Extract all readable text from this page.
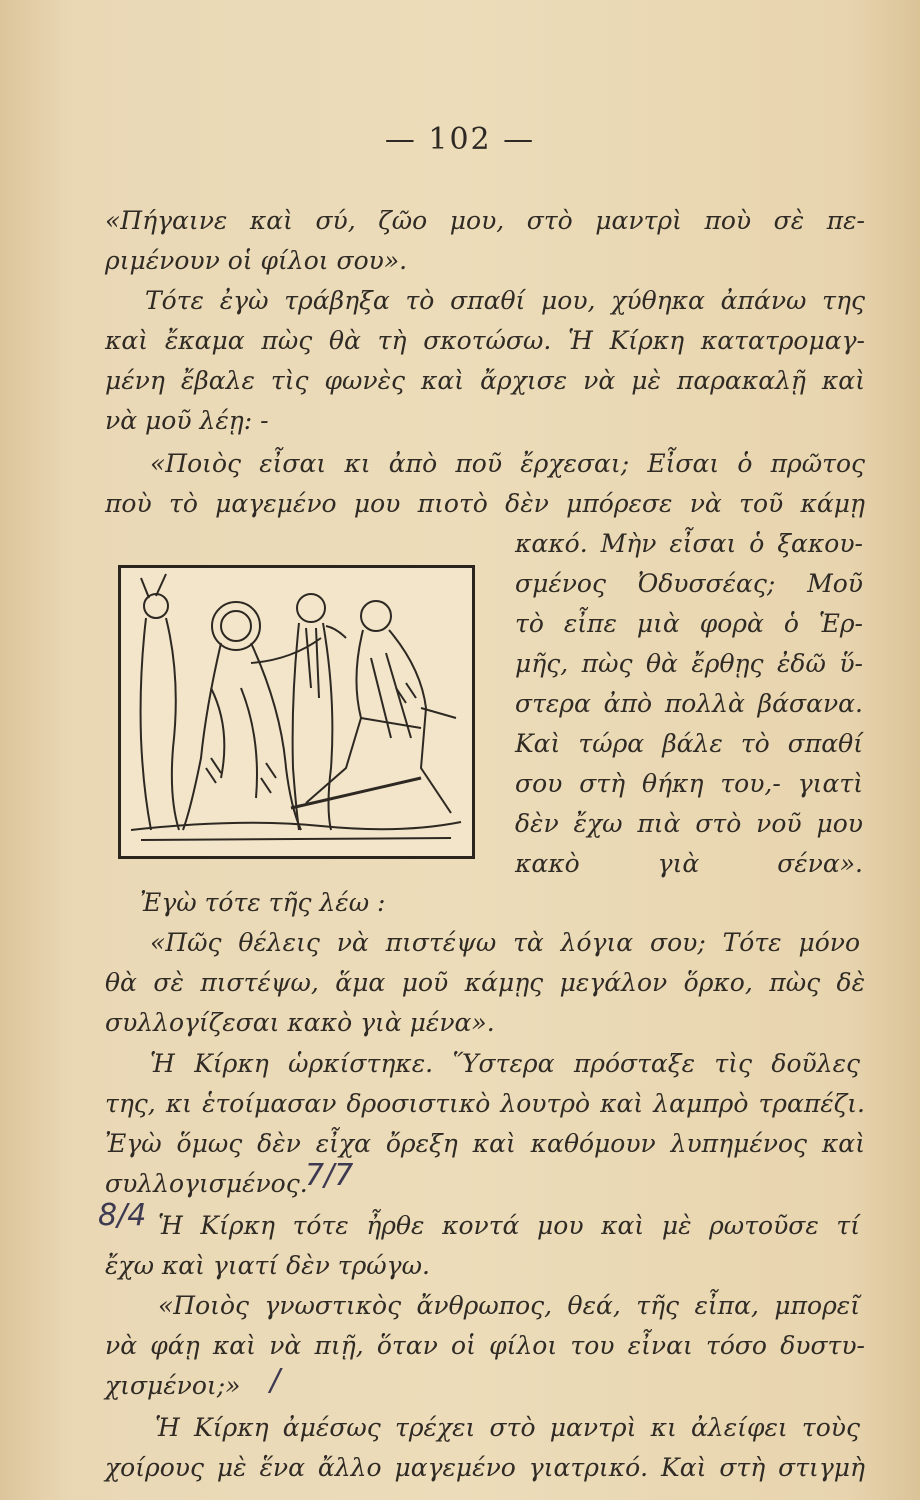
— 102 —

«Πήγαινε καὶ σύ, ζῶο μου, στὸ μαντρὶ ποὺ σὲ πε-

ριμένουν οἱ φίλοι σου».

Τότε ἐγὼ τράβηξα τὸ σπαθί μου, χύθηκα ἀπάνω της

καὶ ἔκαμα πὼς θὰ τὴ σκοτώσω. Ἡ Κίρκη κατατρομαγ-

μένη ἔβαλε τὶς φωνὲς καὶ ἄρχισε νὰ μὲ παρακαλῇ καὶ

νὰ μοῦ λέῃ: -

«Ποιὸς εἶσαι κι ἀπὸ ποῦ ἔρχεσαι; Εἶσαι ὁ πρῶτος

ποὺ τὸ μαγεμένο μου πιοτὸ δὲν μπόρεσε νὰ τοῦ κάμῃ

κακό. Μὴν εἶσαι ὁ ξακου-

σμένος Ὀδυσσέας; Μοῦ

τὸ εἶπε μιὰ φορὰ ὁ Ἑρ-

μῆς, πὼς θὰ ἔρθῃς ἐδῶ ὕ-

στερα ἀπὸ πολλὰ βάσανα.

Καὶ τώρα βάλε τὸ σπαθί

σου στὴ θήκη του,- γιατὶ

δὲν ἔχω πιὰ στὸ νοῦ μου

κακὸ γιὰ σένα».

Ἐγὼ τότε τῆς λέω :

«Πῶς θέλεις νὰ πιστέψω τὰ λόγια σου; Τότε μόνο

θὰ σὲ πιστέψω, ἅμα μοῦ κάμῃς μεγάλον ὅρκο, πὼς δὲ

συλλογίζεσαι κακὸ γιὰ μένα».

Ἡ Κίρκη ὡρκίστηκε. Ὕστερα πρόσταξε τὶς δοῦλες

της, κι ἑτοίμασαν δροσιστικὸ λουτρὸ καὶ λαμπρὸ τραπέζι.

Ἐγὼ ὅμως δὲν εἶχα ὄρεξη καὶ καθόμουν λυπημένος καὶ

συλλογισμένος.

Ἡ Κίρκη τότε ἦρθε κοντά μου καὶ μὲ ρωτοῦσε τί

ἔχω καὶ γιατί δὲν τρώγω.

«Ποιὸς γνωστικὸς ἄνθρωπος, θεά, τῆς εἶπα, μπορεῖ

νὰ φάῃ καὶ νὰ πιῇ, ὅταν οἱ φίλοι του εἶναι τόσο δυστυ-

χισμένοι;»

Ἡ Κίρκη ἀμέσως τρέχει στὸ μαντρὶ κι ἀλείφει τοὺς

χοίρους μὲ ἕνα ἄλλο μαγεμένο γιατρικό. Καὶ στὴ στιγμὴ

7/7
8/4
/
